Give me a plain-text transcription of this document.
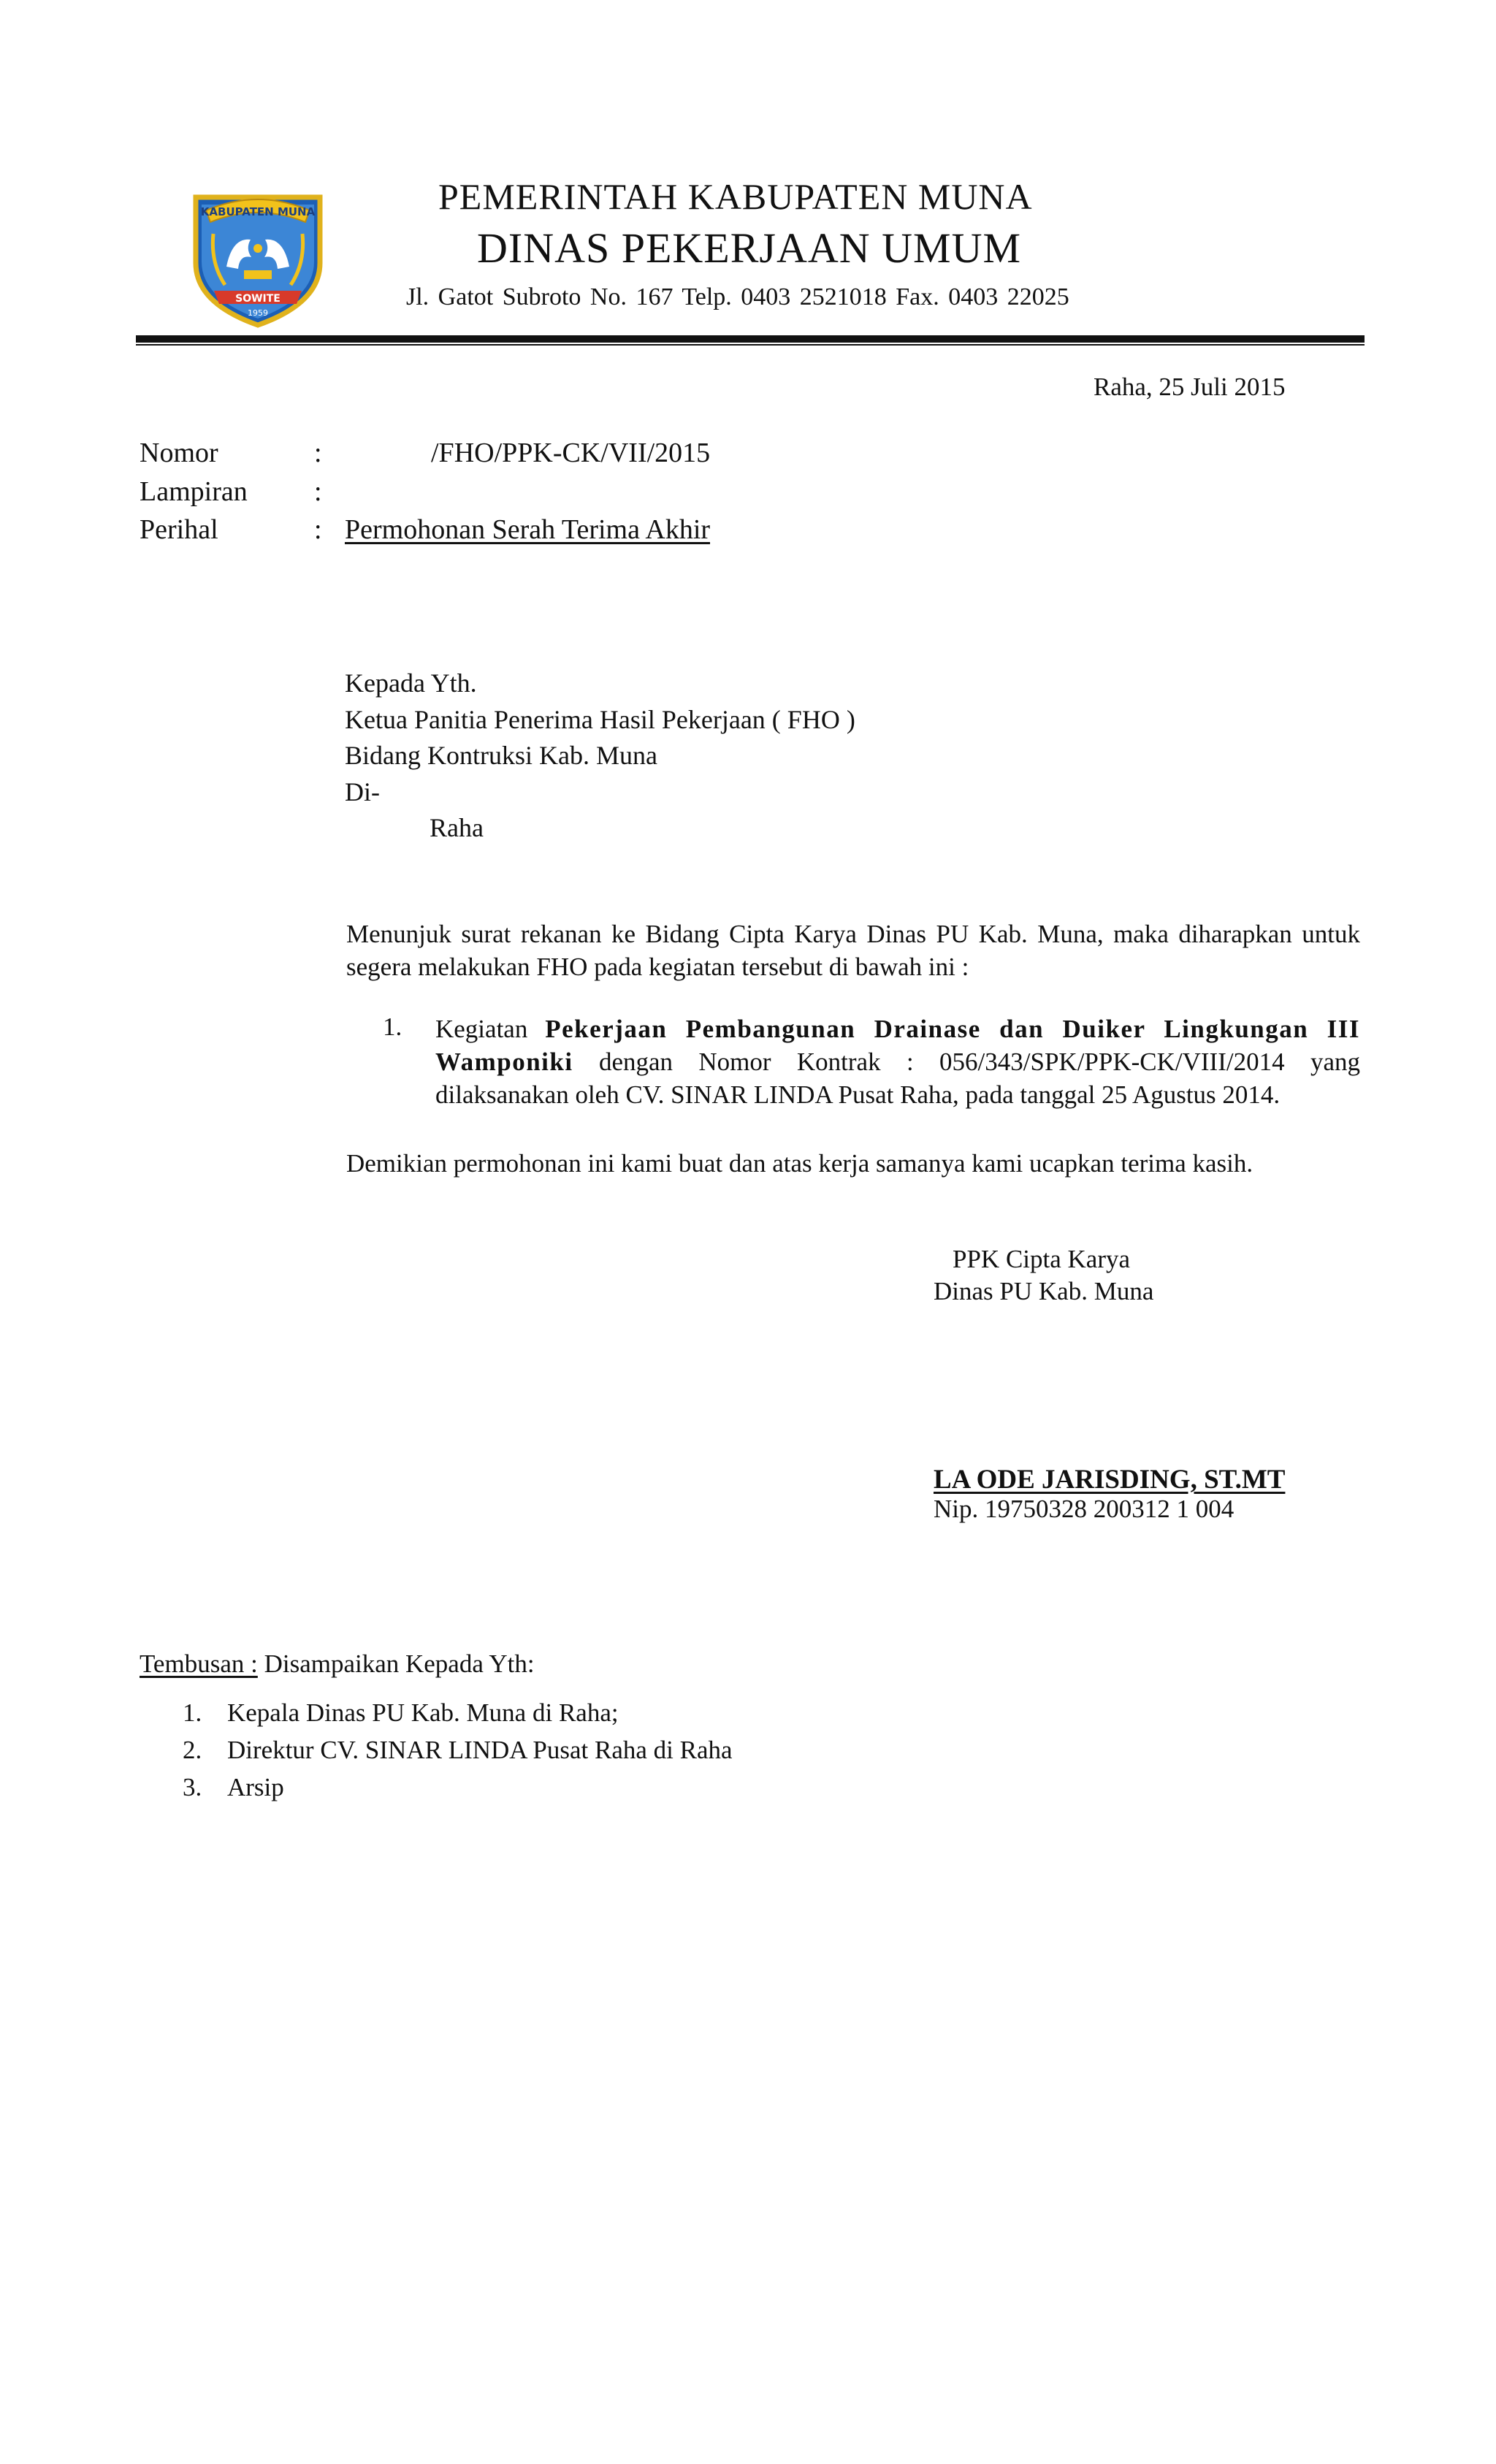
KABUPATEN MUNA
SOWITE
1959
PEMERINTAH KABUPATEN MUNA
DINAS PEKERJAAN UMUM
Jl. Gatot Subroto No. 167 Telp. 0403 2521018 Fax. 0403 22025
Raha, 25 Juli 2015
Nomor	:	/FHO/PPK-CK/VII/2015
Lampiran :
Perihal	: Permohonan Serah Terima Akhir
Kepada Yth.
Ketua Panitia Penerima Hasil Pekerjaan ( FHO )
Bidang Kontruksi Kab. Muna
Di-
Raha
Menunjuk surat rekanan ke Bidang Cipta Karya Dinas PU Kab. Muna, maka diharapkan untuk segera melakukan FHO pada kegiatan tersebut di bawah ini :
1. Kegiatan Pekerjaan Pembangunan Drainase dan Duiker Lingkungan III Wamponiki dengan Nomor Kontrak : 056/343/SPK/PPK-CK/VIII/2014 yang dilaksanakan oleh CV. SINAR LINDA Pusat Raha, pada tanggal 25 Agustus 2014.
Demikian permohonan ini kami buat dan atas kerja samanya kami ucapkan terima kasih.
PPK Cipta Karya
Dinas PU Kab. Muna
LA ODE JARISDING, ST.MT
Nip. 19750328 200312 1 004
Tembusan : Disampaikan Kepada Yth:
1. Kepala Dinas PU Kab. Muna di Raha;
2. Direktur CV. SINAR LINDA Pusat Raha di Raha
3. Arsip
